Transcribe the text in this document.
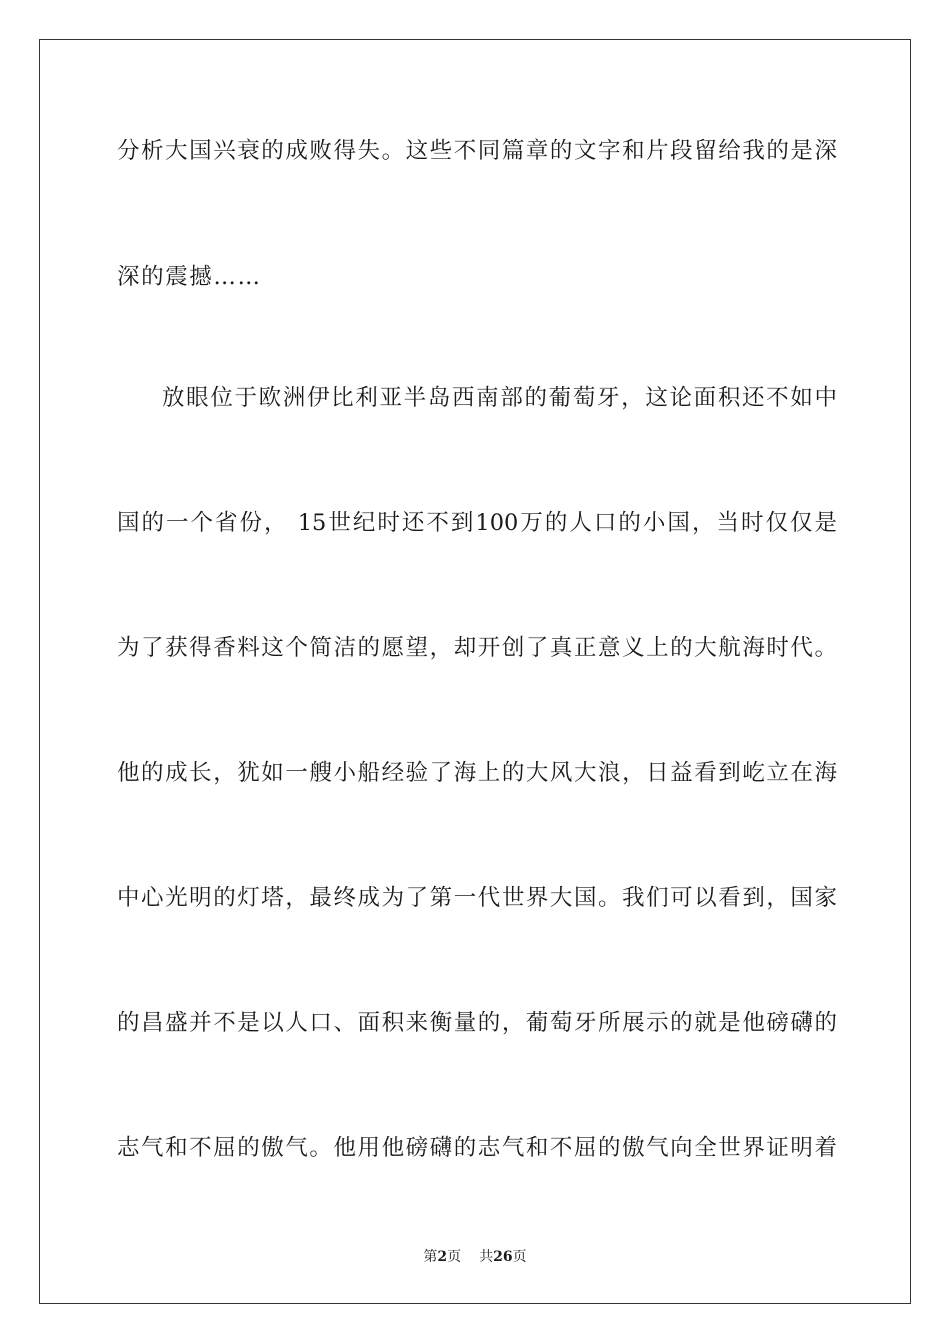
分析大国兴衰的成败得失。这些不同篇章的文字和片段留给我的是深
深的震撼……
放眼位于欧洲伊比利亚半岛西南部的葡萄牙，这论面积还不如中
国的一个省份， 15世纪时还不到100万的人口的小国，当时仅仅是
为了获得香料这个简洁的愿望，却开创了真正意义上的大航海时代。
他的成长，犹如一艘小船经验了海上的大风大浪，日益看到屹立在海
中心光明的灯塔，最终成为了第一代世界大国。我们可以看到，国家
的昌盛并不是以人口、面积来衡量的，葡萄牙所展示的就是他磅礴的
志气和不屈的傲气。他用他磅礴的志气和不屈的傲气向全世界证明着
第2页 共26页
